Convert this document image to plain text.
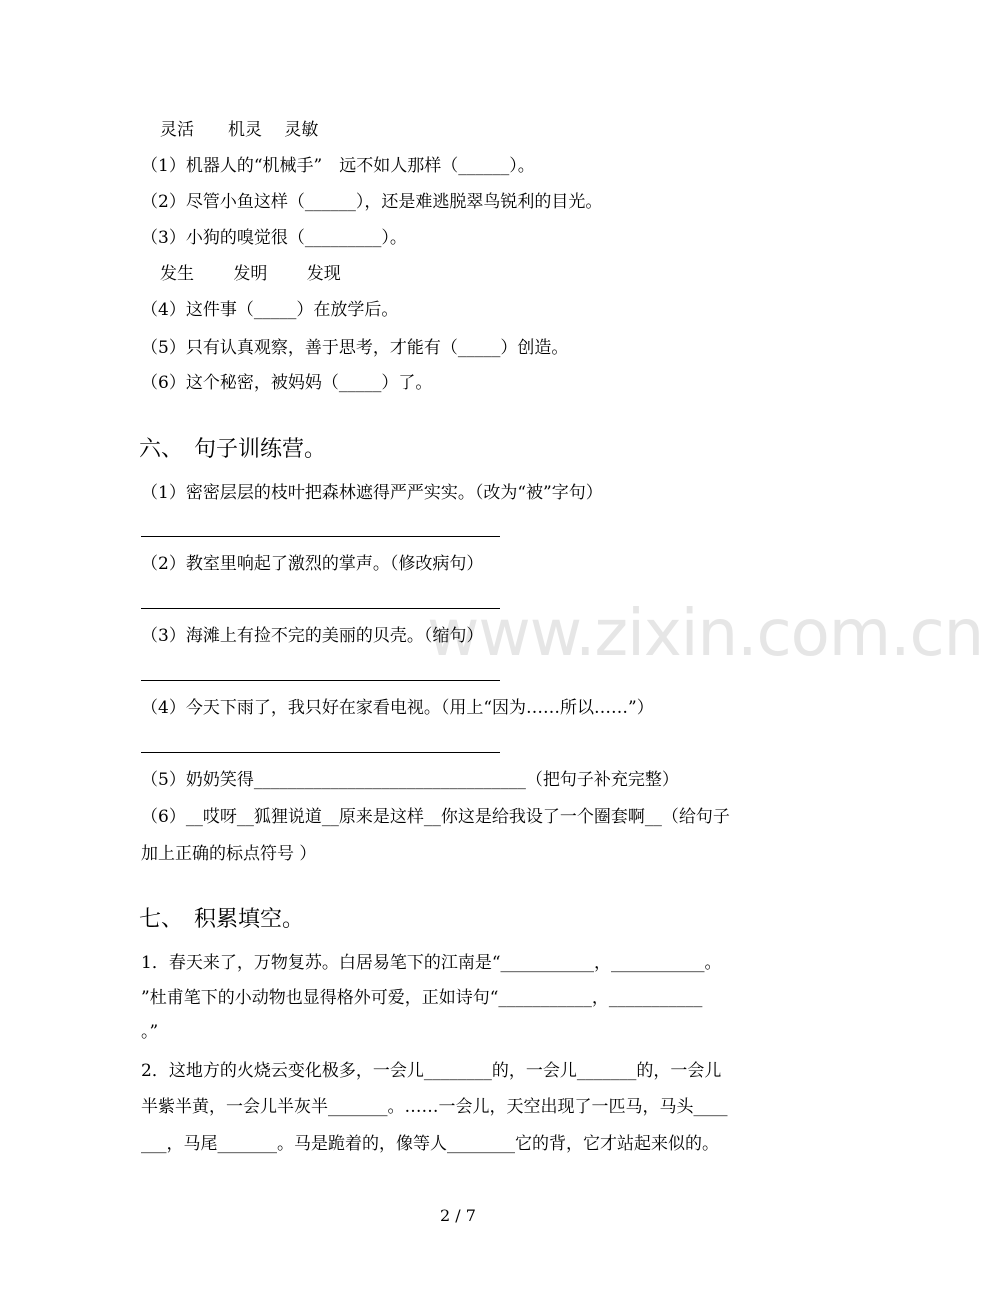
www.zixin.com.cn
灵活　　机灵　 灵敏
（1）机器人的“机械手”　远不如人那样（______）。
（2）尽管小鱼这样（______），还是难逃脱翠鸟锐利的目光。
（3）小狗的嗅觉很（_________）。
发生　　 发明　　 发现
（4）这件事（_____）在放学后。
（5）只有认真观察，善于思考，才能有（_____）创造。
（6）这个秘密，被妈妈（_____）了。
六、　句子训练营。
（1）密密层层的枝叶把森林遮得严严实实。（改为“被”字句）
（2）教室里响起了激烈的掌声。（修改病句）
（3）海滩上有捡不完的美丽的贝壳。（缩句）
（4）今天下雨了，我只好在家看电视。（用上“因为……所以……”）
（5）奶奶笑得________________________________（把句子补充完整）
（6）__哎呀__狐狸说道__原来是这样__你这是给我设了一个圈套啊__（给句子
加上正确的标点符号 ）
七、　积累填空。
1．春天来了，万物复苏。白居易笔下的江南是“___________，___________。
”杜甫笔下的小动物也显得格外可爱，正如诗句“___________，___________
。”
2．这地方的火烧云变化极多，一会儿________的，一会儿_______的，一会儿
半紫半黄，一会儿半灰半_______。……一会儿，天空出现了一匹马，马头____
___，马尾_______。马是跪着的，像等人________它的背，它才站起来似的。
2 / 7
